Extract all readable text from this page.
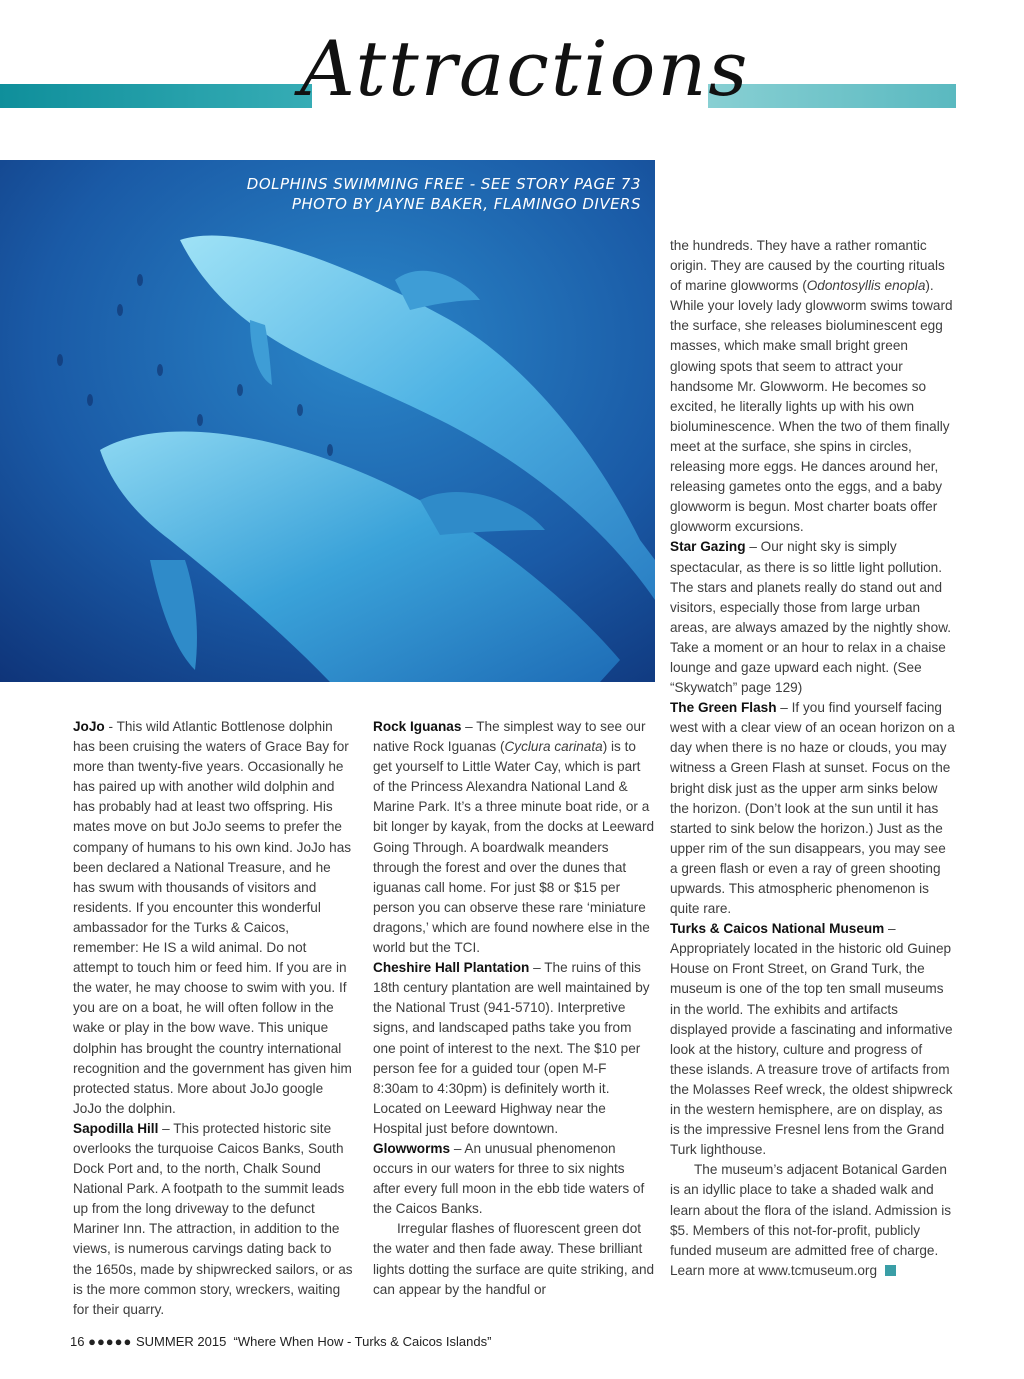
Attractions
DOLPHINS SWIMMING FREE - SEE STORY PAGE 73
PHOTO BY JAYNE BAKER, FLAMINGO DIVERS

JoJo - This wild Atlantic Bottlenose dolphin has been cruising the waters of Grace Bay for more than twenty-five years. Occasionally he has paired up with another wild dolphin and has probably had at least two offspring. His mates move on but JoJo seems to prefer the company of humans to his own kind. JoJo has been declared a National Treasure, and he has swum with thousands of visitors and residents. If you encounter this wonderful ambassador for the Turks & Caicos, remember: He IS a wild animal. Do not attempt to touch him or feed him. If you are in the water, he may choose to swim with you. If you are on a boat, he will often follow in the wake or play in the bow wave. This unique dolphin has brought the country international recognition and the government has given him protected status. More about JoJo google JoJo the dolphin.

Sapodilla Hill – This protected historic site overlooks the turquoise Caicos Banks, South Dock Port and, to the north, Chalk Sound National Park. A footpath to the summit leads up from the long driveway to the defunct Mariner Inn. The attraction, in addition to the views, is numerous carvings dating back to the 1650s, made by shipwrecked sailors, or as is the more common story, wreckers, waiting for their quarry.

Rock Iguanas – The simplest way to see our native Rock Iguanas (Cyclura carinata) is to get yourself to Little Water Cay, which is part of the Princess Alexandra National Land & Marine Park. It’s a three minute boat ride, or a bit longer by kayak, from the docks at Leeward Going Through. A boardwalk meanders through the forest and over the dunes that iguanas call home. For just $8 or $15 per person you can observe these rare ‘miniature dragons,’ which are found nowhere else in the world but the TCI.

Cheshire Hall Plantation – The ruins of this 18th century plantation are well maintained by the National Trust (941-5710). Interpretive signs, and landscaped paths take you from one point of interest to the next. The $10 per person fee for a guided tour (open M-F 8:30am to 4:30pm) is definitely worth it. Located on Leeward Highway near the Hospital just before downtown.

Glowworms – An unusual phenomenon occurs in our waters for three to six nights after every full moon in the ebb tide waters of the Caicos Banks.

Irregular flashes of fluorescent green dot the water and then fade away. These brilliant lights dotting the surface are quite striking, and can appear by the handful or

the hundreds. They have a rather romantic origin. They are caused by the courting rituals of marine glowworms (Odontosyllis enopla). While your lovely lady glowworm swims toward the surface, she releases bioluminescent egg masses, which make small bright green glowing spots that seem to attract your handsome Mr. Glowworm. He becomes so excited, he literally lights up with his own bioluminescence. When the two of them finally meet at the surface, she spins in circles, releasing more eggs. He dances around her, releasing gametes onto the eggs, and a baby glowworm is begun. Most charter boats offer glowworm excursions.

Star Gazing – Our night sky is simply spectacular, as there is so little light pollution. The stars and planets really do stand out and visitors, especially those from large urban areas, are always amazed by the nightly show. Take a moment or an hour to relax in a chaise lounge and gaze upward each night. (See “Skywatch” page 129)

The Green Flash – If you find yourself facing west with a clear view of an ocean horizon on a day when there is no haze or clouds, you may witness a Green Flash at sunset. Focus on the bright disk just as the upper arm sinks below the horizon. (Don’t look at the sun until it has started to sink below the horizon.) Just as the upper rim of the sun disappears, you may see a green flash or even a ray of green shooting upwards. This atmospheric phenomenon is quite rare.

Turks & Caicos National Museum – Appropriately located in the historic old Guinep House on Front Street, on Grand Turk, the museum is one of the top ten small museums in the world. The exhibits and artifacts displayed provide a fascinating and informative look at the history, culture and progress of these islands. A treasure trove of artifacts from the Molasses Reef wreck, the oldest shipwreck in the western hemisphere, are on display, as is the impressive Fresnel lens from the Grand Turk lighthouse.

The museum’s adjacent Botanical Garden is an idyllic place to take a shaded walk and learn about the flora of the island. Admission is $5. Members of this not-for-profit, publicly funded museum are admitted free of charge. Learn more at www.tcmuseum.org

16 ●●●●● SUMMER 2015 “Where When How - Turks & Caicos Islands”
